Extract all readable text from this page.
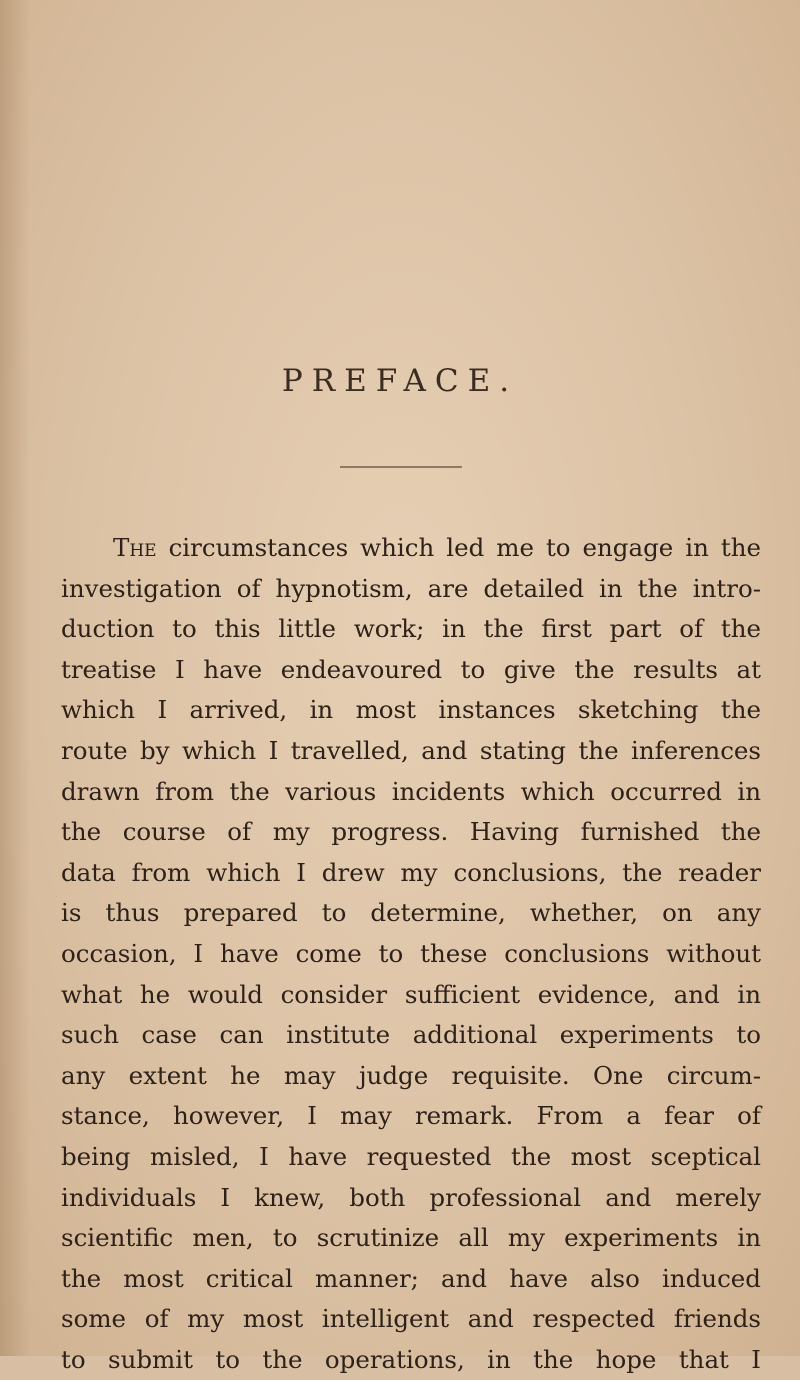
PREFACE.
The circumstances which led me to engage in the
investigation of hypnotism, are detailed in the intro-
duction to this little work; in the first part of the
treatise I have endeavoured to give the results at
which I arrived, in most instances sketching the
route by which I travelled, and stating the inferences
drawn from the various incidents which occurred in
the course of my progress. Having furnished the
data from which I drew my conclusions, the reader
is thus prepared to determine, whether, on any
occasion, I have come to these conclusions without
what he would consider sufficient evidence, and in
such case can institute additional experiments to
any extent he may judge requisite. One circum-
stance, however, I may remark. From a fear of
being misled, I have requested the most sceptical
individuals I knew, both professional and merely
scientific men, to scrutinize all my experiments in
the most critical manner; and have also induced
some of my most intelligent and respected friends
to submit to the operations, in the hope that I
